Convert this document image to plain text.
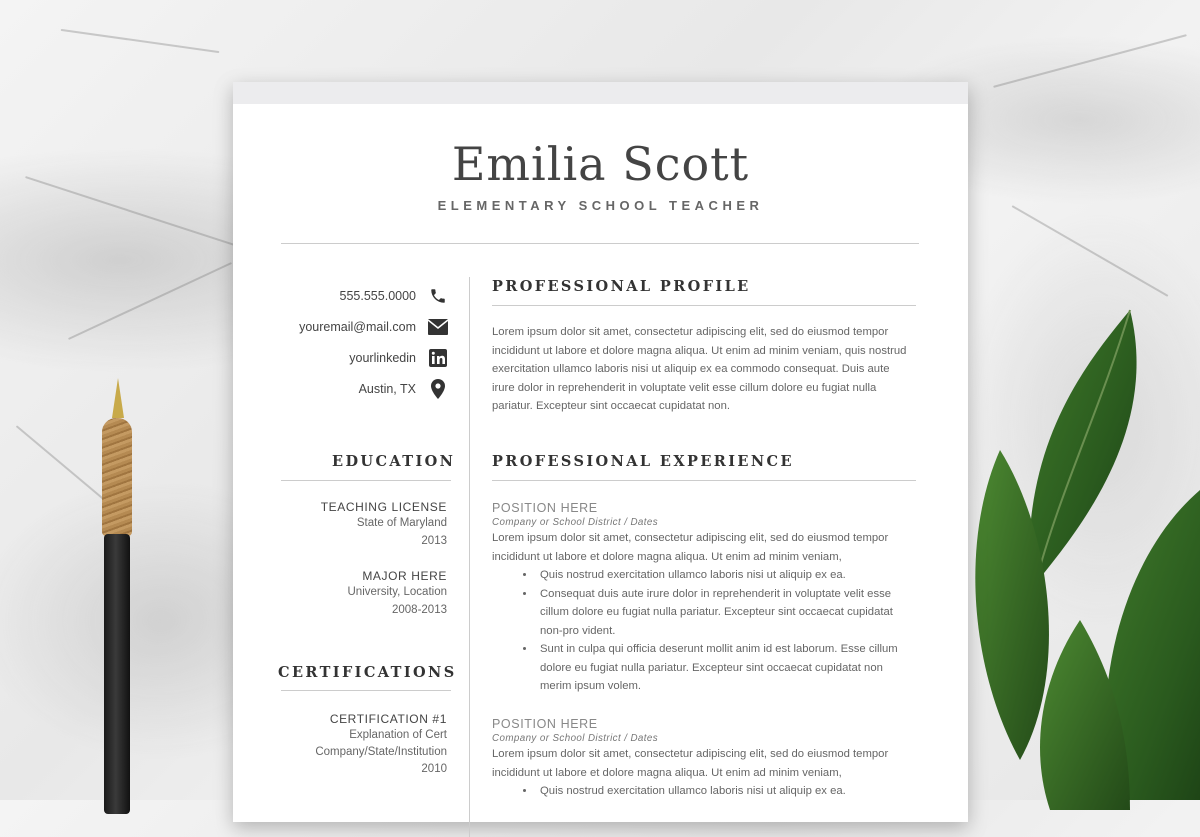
Emilia Scott
ELEMENTARY SCHOOL TEACHER
555.555.0000
youremail@mail.com
yourlinkedin
Austin, TX
EDUCATION
TEACHING LICENSE
State of Maryland
2013
MAJOR HERE
University, Location
2008-2013
CERTIFICATIONS
CERTIFICATION #1
Explanation of Cert
Company/State/Institution
2010
PROFESSIONAL PROFILE
Lorem ipsum dolor sit amet, consectetur adipiscing elit, sed do eiusmod tempor incididunt ut labore et dolore magna aliqua. Ut enim ad minim veniam, quis nostrud exercitation ullamco laboris nisi ut aliquip ex ea commodo consequat. Duis aute irure dolor in reprehenderit in voluptate velit esse cillum dolore eu fugiat nulla pariatur. Excepteur sint occaecat cupidatat non.
PROFESSIONAL EXPERIENCE
POSITION HERE
Company or School District / Dates
Lorem ipsum dolor sit amet, consectetur adipiscing elit, sed do eiusmod tempor incididunt ut labore et dolore magna aliqua. Ut enim ad minim veniam,
• Quis nostrud exercitation ullamco laboris nisi ut aliquip ex ea.
• Consequat duis aute irure dolor in reprehenderit in voluptate velit esse cillum dolore eu fugiat nulla pariatur. Excepteur sint occaecat cupidatat non-pro vident.
• Sunt in culpa qui officia deserunt mollit anim id est laborum. Esse cillum dolore eu fugiat nulla pariatur. Excepteur sint occaecat cupidatat non merim ipsum volem.
POSITION HERE
Company or School District / Dates
Lorem ipsum dolor sit amet, consectetur adipiscing elit, sed do eiusmod tempor incididunt ut labore et dolore magna aliqua. Ut enim ad minim veniam,
• Quis nostrud exercitation ullamco laboris nisi ut aliquip ex ea.
